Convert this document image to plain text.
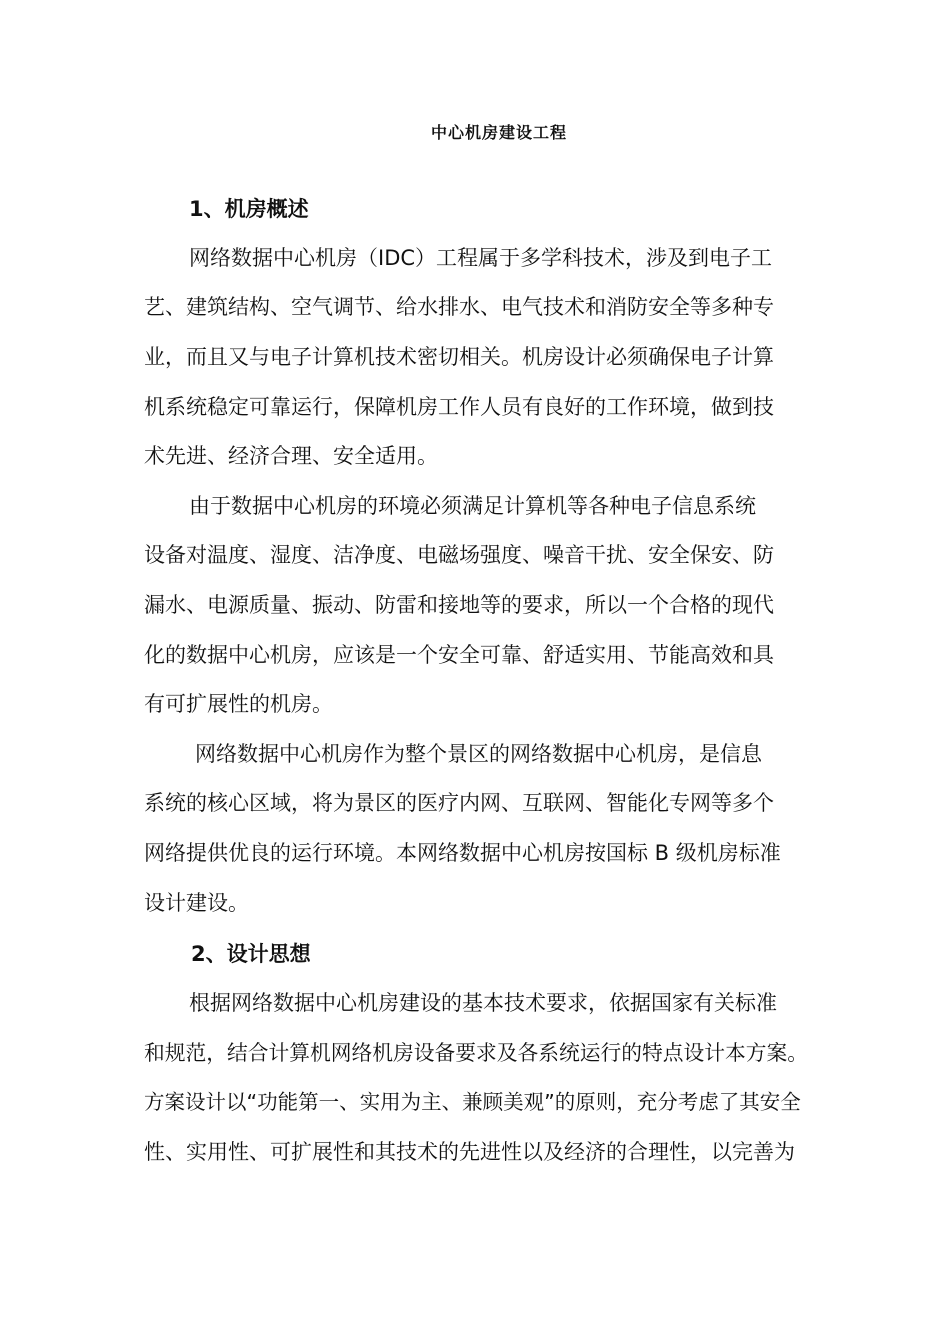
中心机房建设工程
1、机房概述
网络数据中心机房（IDC）工程属于多学科技术，涉及到电子工
艺、建筑结构、空气调节、给水排水、电气技术和消防安全等多种专
业，而且又与电子计算机技术密切相关。机房设计必须确保电子计算
机系统稳定可靠运行，保障机房工作人员有良好的工作环境，做到技
术先进、经济合理、安全适用。
由于数据中心机房的环境必须满足计算机等各种电子信息系统
设备对温度、湿度、洁净度、电磁场强度、噪音干扰、安全保安、防
漏水、电源质量、振动、防雷和接地等的要求，所以一个合格的现代
化的数据中心机房，应该是一个安全可靠、舒适实用、节能高效和具
有可扩展性的机房。
网络数据中心机房作为整个景区的网络数据中心机房，是信息
系统的核心区域，将为景区的医疗内网、互联网、智能化专网等多个
网络提供优良的运行环境。本网络数据中心机房按国标 B 级机房标准
设计建设。
2、设计思想
根据网络数据中心机房建设的基本技术要求，依据国家有关标准
和规范，结合计算机网络机房设备要求及各系统运行的特点设计本方案。
方案设计以“功能第一、实用为主、兼顾美观”的原则，充分考虑了其安全
性、实用性、可扩展性和其技术的先进性以及经济的合理性，以完善为
